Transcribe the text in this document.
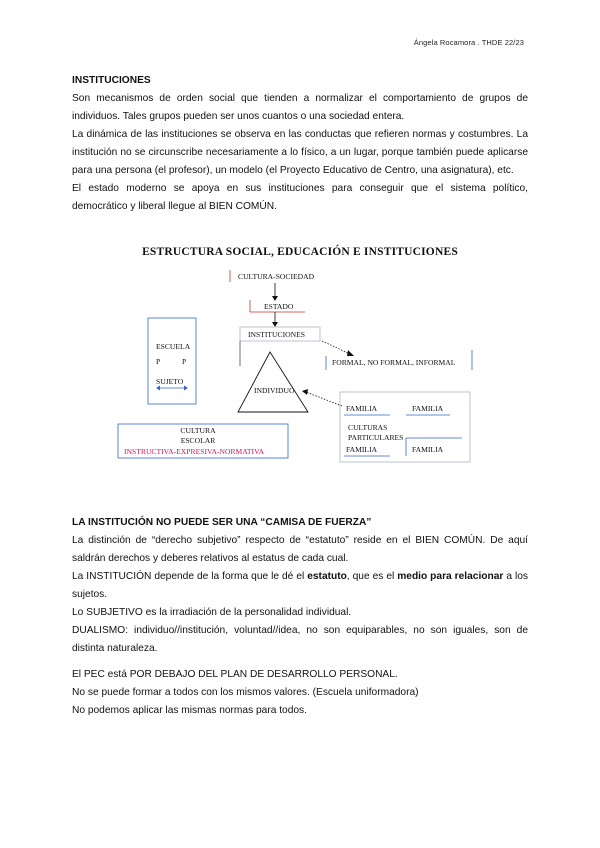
Ángela Rocamora . THDE 22/23

INSTITUCIONES

Son mecanismos de orden social que tienden a normalizar el comportamiento de grupos de individuos. Tales grupos pueden ser unos cuantos o una sociedad entera.

La dinámica de las instituciones se observa en las conductas que refieren normas y costumbres. La institución no se circunscribe necesariamente a lo físico, a un lugar, porque también puede aplicarse para una persona (el profesor), un modelo (el Proyecto Educativo de Centro, una asignatura), etc.

El estado moderno se apoya en sus instituciones para conseguir que el sistema político, democrático y liberal llegue al BIEN COMÚN.

ESTRUCTURA SOCIAL, EDUCACIÓN E INSTITUCIONES
CULTURA-SOCIEDAD
ESTADO
INSTITUCIONES
FORMAL, NO FORMAL, INFORMAL
ESCUELA
P	P
SUJETO
INDIVIDUO
CULTURA
ESCOLAR
INSTRUCTIVA-EXPRESIVA-NORMATIVA
FAMILIA	FAMILIA
CULTURAS
PARTICULARES
FAMILIA	FAMILIA

LA INSTITUCIÓN NO PUEDE SER UNA “CAMISA DE FUERZA”

La distinción de “derecho subjetivo” respecto de “estatuto” reside en el BIEN COMÚN. De aquí saldrán derechos y deberes relativos al estatus de cada cual.

La INSTITUCIÓN depende de la forma que le dé el estatuto, que es el medio para relacionar a los sujetos.

Lo SUBJETIVO es la irradiación de la personalidad individual.

DUALISMO: individuo//institución, voluntad//idea, no son equiparables, no son iguales, son de distinta naturaleza.

El PEC está POR DEBAJO DEL PLAN DE DESARROLLO PERSONAL.

No se puede formar a todos con los mismos valores. (Escuela uniformadora)

No podemos aplicar las mismas normas para todos.
